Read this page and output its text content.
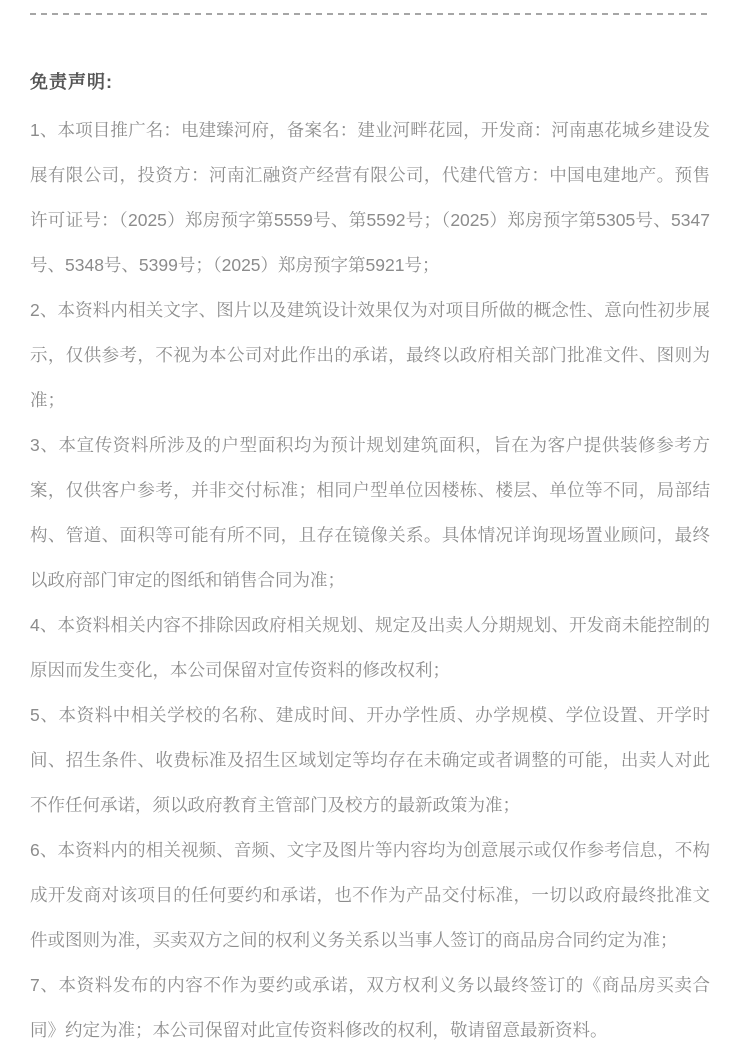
免责声明:

1、本项目推广名：电建臻河府，备案名：建业河畔花园，开发商：河南惠花城乡建设发展有限公司，投资方：河南汇融资产经营有限公司，代建代管方：中国电建地产。预售许可证号：（2025）郑房预字第5559号、第5592号；（2025）郑房预字第5305号、5347号、5348号、5399号；（2025）郑房预字第5921号；

2、本资料内相关文字、图片以及建筑设计效果仅为对项目所做的概念性、意向性初步展示，仅供参考，不视为本公司对此作出的承诺，最终以政府相关部门批准文件、图则为准；

3、本宣传资料所涉及的户型面积均为预计规划建筑面积，旨在为客户提供装修参考方案，仅供客户参考，并非交付标准；相同户型单位因楼栋、楼层、单位等不同，局部结构、管道、面积等可能有所不同，且存在镜像关系。具体情况详询现场置业顾问，最终以政府部门审定的图纸和销售合同为准；

4、本资料相关内容不排除因政府相关规划、规定及出卖人分期规划、开发商未能控制的原因而发生变化，本公司保留对宣传资料的修改权利；

5、本资料中相关学校的名称、建成时间、开办学性质、办学规模、学位设置、开学时间、招生条件、收费标准及招生区域划定等均存在未确定或者调整的可能，出卖人对此不作任何承诺，须以政府教育主管部门及校方的最新政策为准；

6、本资料内的相关视频、音频、文字及图片等内容均为创意展示或仅作参考信息，不构成开发商对该项目的任何要约和承诺，也不作为产品交付标准，一切以政府最终批准文件或图则为准，买卖双方之间的权利义务关系以当事人签订的商品房合同约定为准；

7、本资料发布的内容不作为要约或承诺，双方权利义务以最终签订的《商品房买卖合同》约定为准；本公司保留对此宣传资料修改的权利，敬请留意最新资料。
